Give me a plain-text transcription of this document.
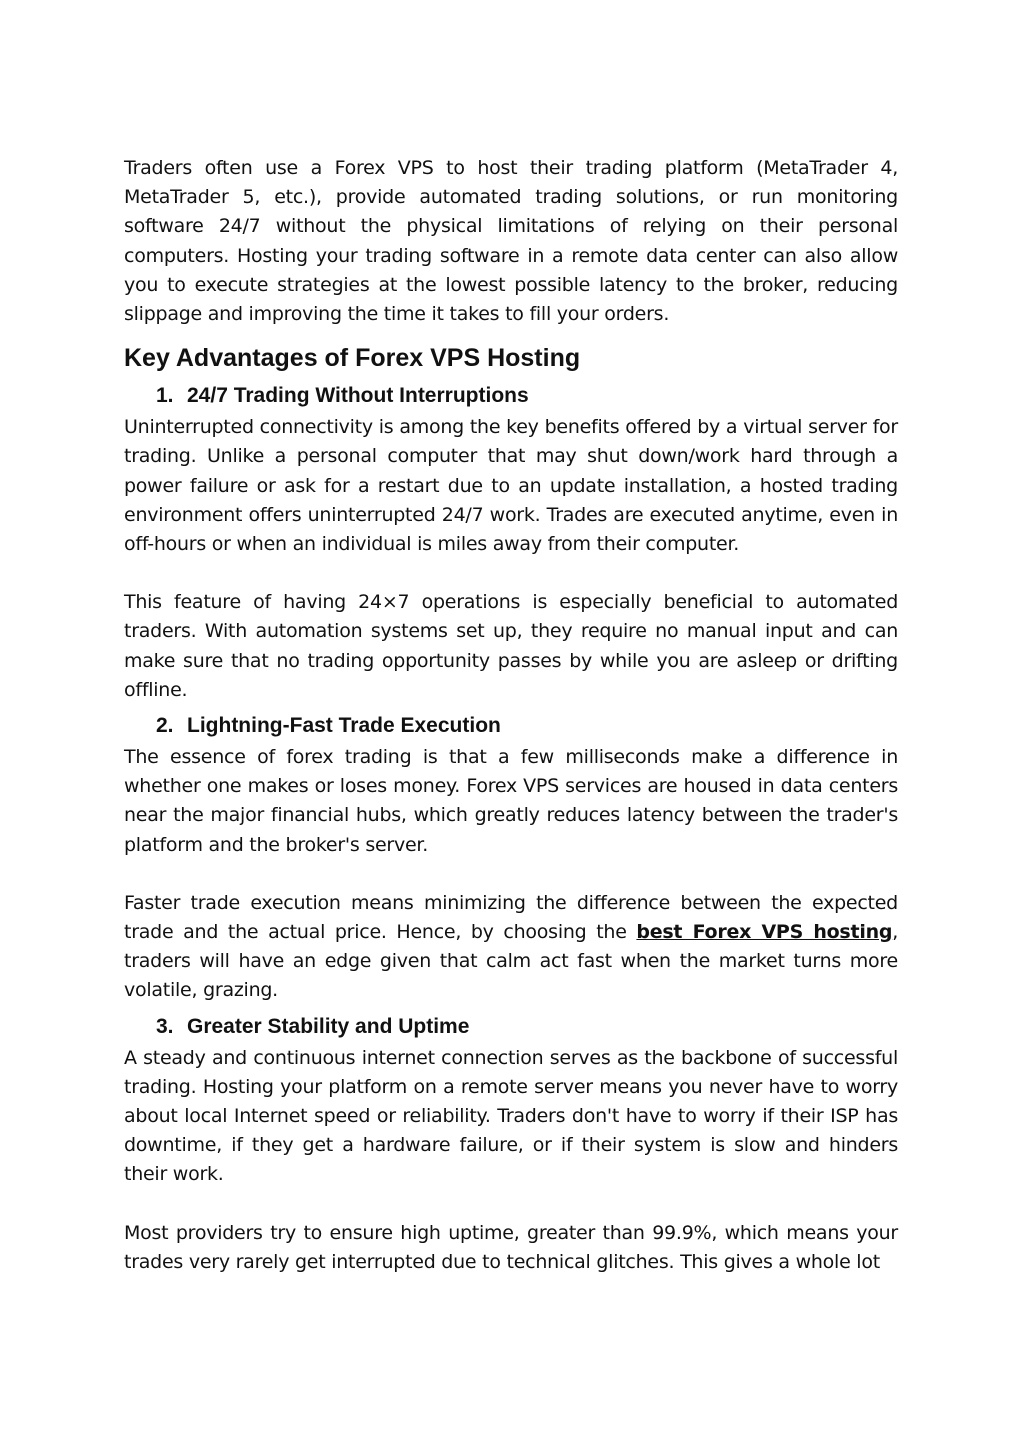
Traders often use a Forex VPS to host their trading platform (MetaTrader 4, MetaTrader 5, etc.), provide automated trading solutions, or run monitoring software 24/7 without the physical limitations of relying on their personal computers. Hosting your trading software in a remote data center can also allow you to execute strategies at the lowest possible latency to the broker, reducing slippage and improving the time it takes to fill your orders.

Key Advantages of Forex VPS Hosting
1. 24/7 Trading Without Interruptions

Uninterrupted connectivity is among the key benefits offered by a virtual server for trading. Unlike a personal computer that may shut down/work hard through a power failure or ask for a restart due to an update installation, a hosted trading environment offers uninterrupted 24/7 work. Trades are executed anytime, even in off-hours or when an individual is miles away from their computer.

This feature of having 24×7 operations is especially beneficial to automated traders. With automation systems set up, they require no manual input and can make sure that no trading opportunity passes by while you are asleep or drifting offline.

2. Lightning-Fast Trade Execution

The essence of forex trading is that a few milliseconds make a difference in whether one makes or loses money. Forex VPS services are housed in data centers near the major financial hubs, which greatly reduces latency between the trader's platform and the broker's server.

Faster trade execution means minimizing the difference between the expected trade and the actual price. Hence, by choosing the best Forex VPS hosting, traders will have an edge given that calm act fast when the market turns more volatile, grazing.

3. Greater Stability and Uptime

A steady and continuous internet connection serves as the backbone of successful trading. Hosting your platform on a remote server means you never have to worry about local Internet speed or reliability. Traders don't have to worry if their ISP has downtime, if they get a hardware failure, or if their system is slow and hinders their work.

Most providers try to ensure high uptime, greater than 99.9%, which means your trades very rarely get interrupted due to technical glitches. This gives a whole lot
